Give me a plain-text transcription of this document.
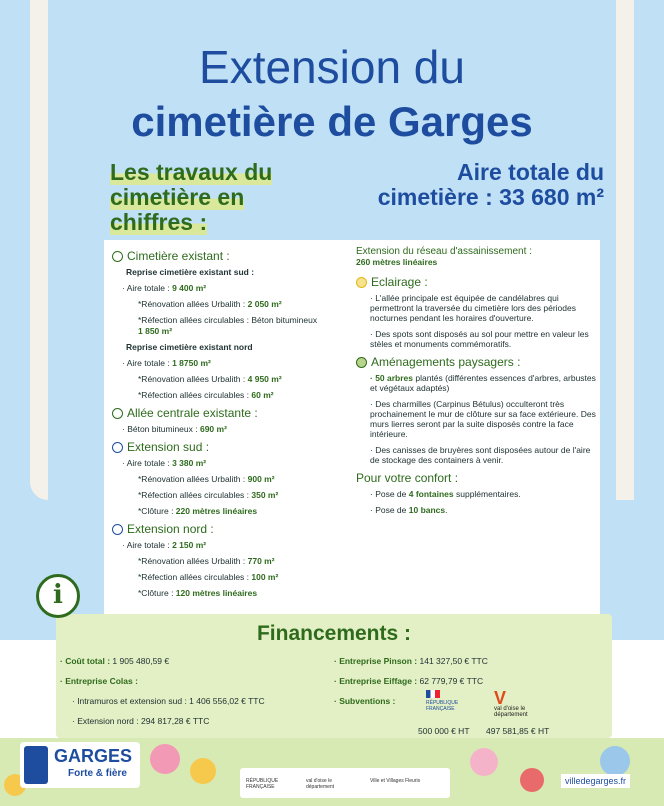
Extension du
cimetière de Garges
Les travaux du cimetière en chiffres :
Aire totale du cimetière : 33 680 m²
Cimetière existant :
Reprise cimetière existant sud :
· Aire totale : 9 400 m²
*Rénovation allées Urbalith : 2 050 m²
*Réfection allées circulables : Béton bitumineux
1 850 m²
Reprise cimetière existant nord
· Aire totale : 1 8750 m²
*Rénovation allées Urbalith : 4 950 m²
*Réfection allées circulables : 60 m²
Allée centrale existante :
· Béton bitumineux : 690 m²
Extension sud :
· Aire totale : 3 380 m²
*Rénovation allées Urbalith : 900 m²
*Réfection allées circulables : 350 m²
*Clôture : 220 mètres linéaires
Extension nord :
· Aire totale : 2 150 m²
*Rénovation allées Urbalith : 770 m²
*Réfection allées circulables : 100 m²
*Clôture : 120 mètres linéaires
Extension du réseau d'assainissement :
260 mètres linéaires
Eclairage :
· L'allée principale est équipée de candélabres qui permettront la traversée du cimetière lors des périodes nocturnes pendant les horaires d'ouverture.
· Des spots sont disposés au sol pour mettre en valeur les stèles et monuments commémoratifs.
Aménagements paysagers :
· 50 arbres plantés (différentes essences d'arbres, arbustes et végétaux adaptés)
· Des charmilles (Carpinus Bétulus) occulteront très prochainement le mur de clôture sur sa face extérieure. Des murs lierres seront par la suite disposés contre la face intérieure.
· Des canisses de bruyères sont disposées autour de l'aire de stockage des containers à venir.
Pour votre confort :
· Pose de 4 fontaines supplémentaires.
· Pose de 10 bancs.
Financements :
· Coût total : 1 905 480,59 €
· Entreprise Colas :
· Intramuros et extension sud : 1 406 556,02 € TTC
· Extension nord : 294 817,28 € TTC
· Entreprise Pinson : 141 327,50 € TTC
· Entreprise Eiffage : 62 779,79 € TTC
· Subventions :	RÉPUBLIQUE FRANÇAISE
V
val d'oise le département
500 000 € HT 497 581,85 € HT
i
GARGES
Forte & fière
RÉPUBLIQUE FRANÇAISE
val d'oise le département
Ville et Villages Fleuris	villedegarges.fr
